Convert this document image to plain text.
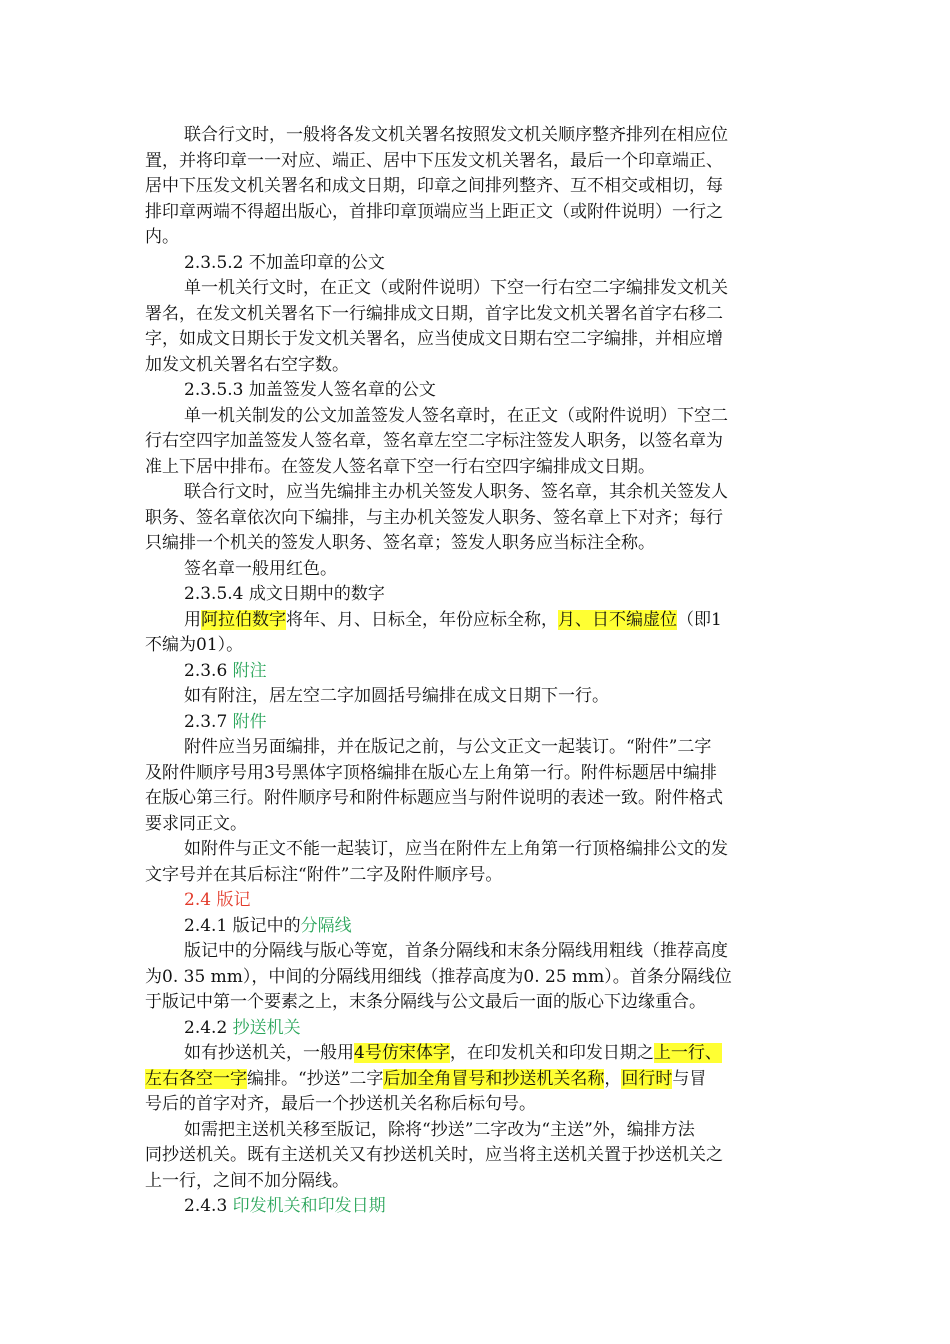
联合行文时，一般将各发文机关署名按照发文机关顺序整齐排列在相应位
置，并将印章一一对应、端正、居中下压发文机关署名，最后一个印章端正、
居中下压发文机关署名和成文日期，印章之间排列整齐、互不相交或相切，每
排印章两端不得超出版心，首排印章顶端应当上距正文（或附件说明）一行之
内。
2.3.5.2 不加盖印章的公文
单一机关行文时，在正文（或附件说明）下空一行右空二字编排发文机关
署名，在发文机关署名下一行编排成文日期，首字比发文机关署名首字右移二
字，如成文日期长于发文机关署名，应当使成文日期右空二字编排，并相应增
加发文机关署名右空字数。
2.3.5.3 加盖签发人签名章的公文
单一机关制发的公文加盖签发人签名章时，在正文（或附件说明）下空二
行右空四字加盖签发人签名章，签名章左空二字标注签发人职务，以签名章为
准上下居中排布。在签发人签名章下空一行右空四字编排成文日期。
联合行文时，应当先编排主办机关签发人职务、签名章，其余机关签发人
职务、签名章依次向下编排，与主办机关签发人职务、签名章上下对齐；每行
只编排一个机关的签发人职务、签名章；签发人职务应当标注全称。
签名章一般用红色。
2.3.5.4 成文日期中的数字
用阿拉伯数字将年、月、日标全，年份应标全称，月、日不编虚位（即1
不编为01）。
2.3.6 附注
如有附注，居左空二字加圆括号编排在成文日期下一行。
2.3.7 附件
附件应当另面编排，并在版记之前，与公文正文一起装订。“附件”二字
及附件顺序号用3号黑体字顶格编排在版心左上角第一行。附件标题居中编排
在版心第三行。附件顺序号和附件标题应当与附件说明的表述一致。附件格式
要求同正文。
如附件与正文不能一起装订，应当在附件左上角第一行顶格编排公文的发
文字号并在其后标注“附件”二字及附件顺序号。
2.4 版记
2.4.1 版记中的分隔线
版记中的分隔线与版心等宽，首条分隔线和末条分隔线用粗线（推荐高度
为0. 35 mm），中间的分隔线用细线（推荐高度为0. 25 mm）。首条分隔线位
于版记中第一个要素之上，末条分隔线与公文最后一面的版心下边缘重合。
2.4.2 抄送机关
如有抄送机关，一般用4号仿宋体字，在印发机关和印发日期之上一行、
左右各空一字编排。“抄送”二字后加全角冒号和抄送机关名称，回行时与冒
号后的首字对齐，最后一个抄送机关名称后标句号。
如需把主送机关移至版记，除将“抄送”二字改为“主送”外，编排方法
同抄送机关。既有主送机关又有抄送机关时，应当将主送机关置于抄送机关之
上一行，之间不加分隔线。
2.4.3 印发机关和印发日期
